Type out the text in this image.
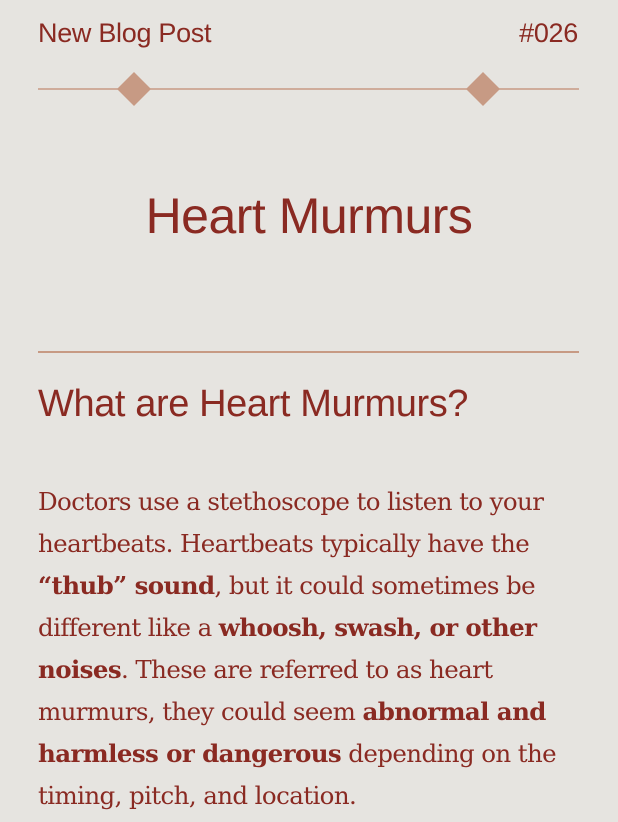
New Blog Post	#026
Heart Murmurs
What are Heart Murmurs?

Doctors use a stethoscope to listen to your heartbeats. Heartbeats typically have the “thub” sound, but it could sometimes be different like a whoosh, swash, or other noises. These are referred to as heart murmurs, they could seem abnormal and harmless or dangerous depending on the timing, pitch, and location.
